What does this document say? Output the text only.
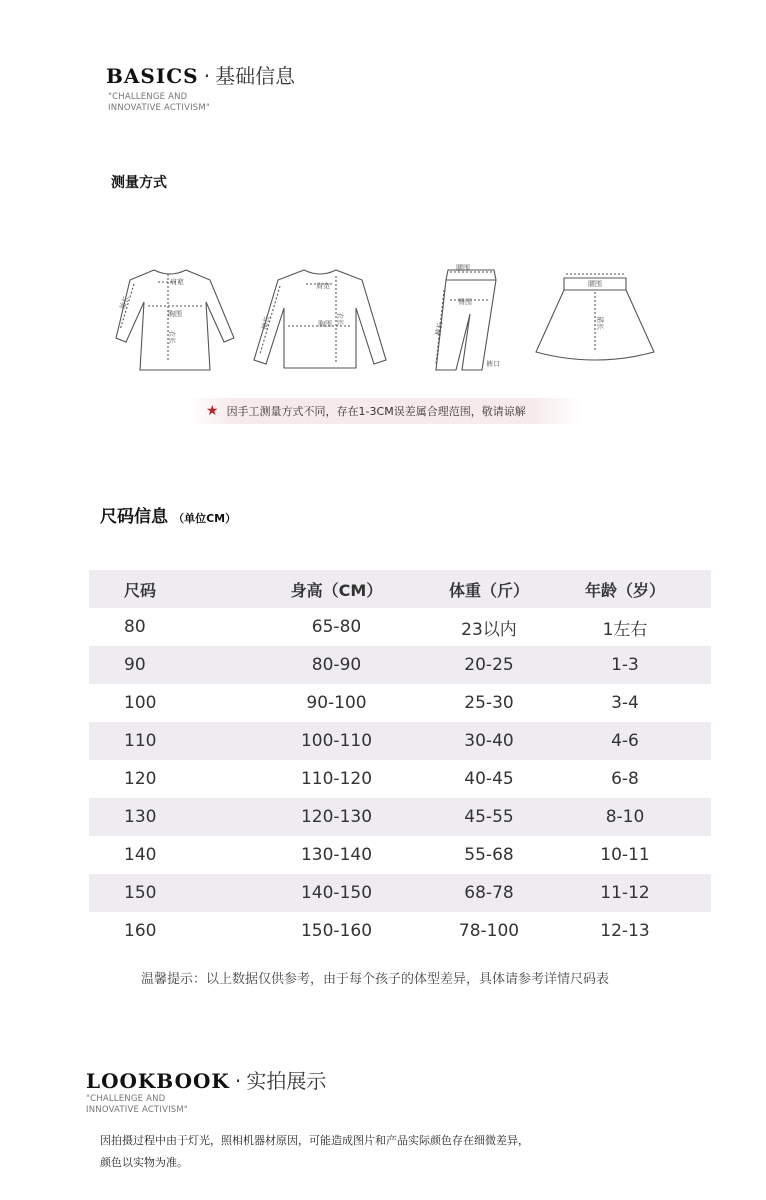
BASICS · 基础信息
"CHALLENGE AND
INNOVATIVE ACTIVISM"
测量方式
肩宽
胸围
袖长
衣长
肩宽
胸围
袖长	衣长
腰围
臀围
裤长
裤口
腰围
裙长
★ 因手工测量方式不同，存在1-3CM误差属合理范围，敬请谅解
尺码信息 （单位CM）
尺码	身高（CM）	体重（斤）	年龄（岁）
80	65-80	23以内	1左右
90	80-90	20-25	1-3
100	90-100	25-30	3-4
110	100-110	30-40	4-6
120	110-120	40-45	6-8
130	120-130	45-55	8-10
140	130-140	55-68	10-11
150	140-150	68-78	11-12
160	150-160	78-100	12-13
温馨提示：以上数据仅供参考，由于每个孩子的体型差异，具体请参考详情尺码表
LOOKBOOK · 实拍展示
"CHALLENGE AND
INNOVATIVE ACTIVISM"
因拍摄过程中由于灯光，照相机器材原因，可能造成图片和产品实际颜色存在细微差异，
颜色以实物为准。
